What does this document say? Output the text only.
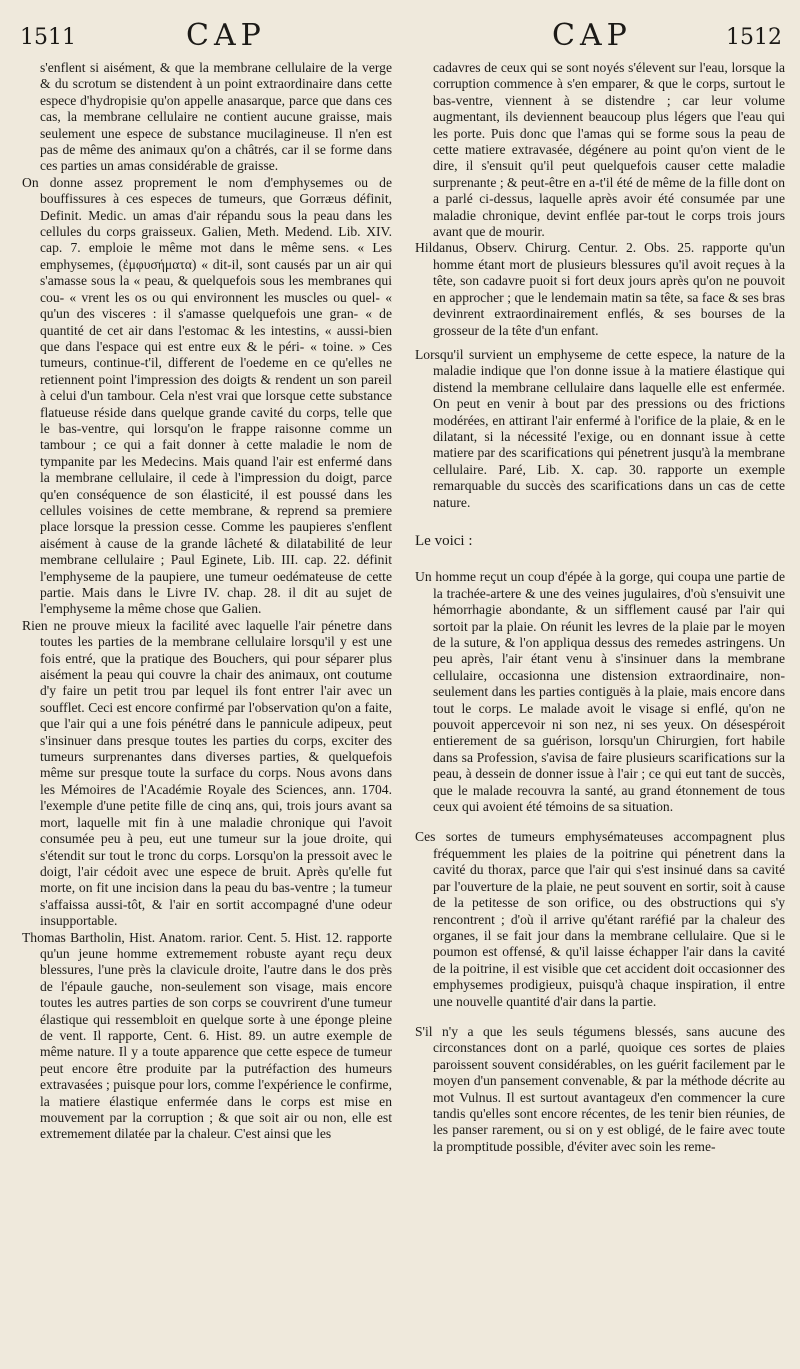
1511	CAP	CAP	1512

s'enflent si aisément, & que la membrane cellulaire de la verge & du scrotum se distendent à un point extraordinaire dans cette espece d'hydropisie qu'on appelle anasarque, parce que dans ces cas, la membrane cellulaire ne contient aucune graisse, mais seulement une espece de substance mucilagineuse. Il n'en est pas de même des animaux qu'on a châtrés, car il se forme dans ces parties un amas considérable de graisse.

On donne assez proprement le nom d'emphysemes ou de bouffissures à ces especes de tumeurs, que Gorræus définit, Definit. Medic. un amas d'air répandu sous la peau dans les cellules du corps graisseux. Galien, Meth. Medend. Lib. XIV. cap. 7. emploie le même mot dans le même sens. « Les emphysemes, (ἐμφυσήματα) « dit-il, sont causés par un air qui s'amasse sous la « peau, & quelquefois sous les membranes qui cou- « vrent les os ou qui environnent les muscles ou quel- « qu'un des visceres : il s'amasse quelquefois une gran- « de quantité de cet air dans l'estomac & les intestins, « aussi-bien que dans l'espace qui est entre eux & le péri- « toine. » Ces tumeurs, continue-t'il, different de l'oedeme en ce qu'elles ne retiennent point l'impression des doigts & rendent un son pareil à celui d'un tambour. Cela n'est vrai que lorsque cette substance flatueuse réside dans quelque grande cavité du corps, telle que le bas-ventre, qui lorsqu'on le frappe raisonne comme un tambour ; ce qui a fait donner à cette maladie le nom de tympanite par les Medecins. Mais quand l'air est enfermé dans la membrane cellulaire, il cede à l'impression du doigt, parce qu'en conséquence de son élasticité, il est poussé dans les cellules voisines de cette membrane, & reprend sa premiere place lorsque la pression cesse. Comme les paupieres s'enflent aisément à cause de la grande lâcheté & dilatabilité de leur membrane cellulaire ; Paul Eginete, Lib. III. cap. 22. définit l'emphyseme de la paupiere, une tumeur oedémateuse de cette partie. Mais dans le Livre IV. chap. 28. il dit au sujet de l'emphyseme la même chose que Galien.

Rien ne prouve mieux la facilité avec laquelle l'air pénetre dans toutes les parties de la membrane cellulaire lorsqu'il y est une fois entré, que la pratique des Bouchers, qui pour séparer plus aisément la peau qui couvre la chair des animaux, ont coutume d'y faire un petit trou par lequel ils font entrer l'air avec un soufflet. Ceci est encore confirmé par l'observation qu'on a faite, que l'air qui a une fois pénétré dans le pannicule adipeux, peut s'insinuer dans presque toutes les parties du corps, exciter des tumeurs surprenantes dans diverses parties, & quelquefois même sur presque toute la surface du corps. Nous avons dans les Mémoires de l'Académie Royale des Sciences, ann. 1704. l'exemple d'une petite fille de cinq ans, qui, trois jours avant sa mort, laquelle mit fin à une maladie chronique qui l'avoit consumée peu à peu, eut une tumeur sur la joue droite, qui s'étendit sur tout le tronc du corps. Lorsqu'on la pressoit avec le doigt, l'air cédoit avec une espece de bruit. Après qu'elle fut morte, on fit une incision dans la peau du bas-ventre ; la tumeur s'affaissa aussi-tôt, & l'air en sortit accompagné d'une odeur insupportable.

Thomas Bartholin, Hist. Anatom. rarior. Cent. 5. Hist. 12. rapporte qu'un jeune homme extremement robuste ayant reçu deux blessures, l'une près la clavicule droite, l'autre dans le dos près de l'épaule gauche, non-seulement son visage, mais encore toutes les autres parties de son corps se couvrirent d'une tumeur élastique qui ressembloit en quelque sorte à une éponge pleine de vent. Il rapporte, Cent. 6. Hist. 89. un autre exemple de même nature. Il y a toute apparence que cette espece de tumeur peut encore être produite par la putréfaction des humeurs extravasées ; puisque pour lors, comme l'expérience le confirme, la matiere élastique enfermée dans le corps est mise en mouvement par la corruption ; & que soit air ou non, elle est extremement dilatée par la chaleur. C'est ainsi que les

cadavres de ceux qui se sont noyés s'élevent sur l'eau, lorsque la corruption commence à s'en emparer, & que le corps, surtout le bas-ventre, viennent à se distendre ; car leur volume augmentant, ils deviennent beaucoup plus légers que l'eau qui les porte. Puis donc que l'amas qui se forme sous la peau de cette matiere extravasée, dégénere au point qu'on vient de le dire, il s'ensuit qu'il peut quelquefois causer cette maladie surprenante ; & peut-être en a-t'il été de même de la fille dont on a parlé ci-dessus, laquelle après avoir été consumée par une maladie chronique, devint enflée par-tout le corps trois jours avant que de mourir.

Hildanus, Observ. Chirurg. Centur. 2. Obs. 25. rapporte qu'un homme étant mort de plusieurs blessures qu'il avoit reçues à la tête, son cadavre puoit si fort deux jours après qu'on ne pouvoit en approcher ; que le lendemain matin sa tête, sa face & ses bras devinrent extraordinairement enflés, & ses bourses de la grosseur de la tête d'un enfant.

Lorsqu'il survient un emphyseme de cette espece, la nature de la maladie indique que l'on donne issue à la matiere élastique qui distend la membrane cellulaire dans laquelle elle est enfermée. On peut en venir à bout par des pressions ou des frictions modérées, en attirant l'air enfermé à l'orifice de la plaie, & en le dilatant, si la nécessité l'exige, ou en donnant issue à cette matiere par des scarifications qui pénetrent jusqu'à la membrane cellulaire. Paré, Lib. X. cap. 30. rapporte un exemple remarquable du succès des scarifications dans un cas de cette nature.

Le voici :

Un homme reçut un coup d'épée à la gorge, qui coupa une partie de la trachée-artere & une des veines jugulaires, d'où s'ensuivit une hémorrhagie abondante, & un sifflement causé par l'air qui sortoit par la plaie. On réunit les levres de la plaie par le moyen de la suture, & l'on appliqua dessus des remedes astringens. Un peu après, l'air étant venu à s'insinuer dans la membrane cellulaire, occasionna une distension extraordinaire, non-seulement dans les parties contiguës à la plaie, mais encore dans tout le corps. Le malade avoit le visage si enflé, qu'on ne pouvoit appercevoir ni son nez, ni ses yeux. On désespéroit entierement de sa guérison, lorsqu'un Chirurgien, fort habile dans sa Profession, s'avisa de faire plusieurs scarifications sur la peau, à dessein de donner issue à l'air ; ce qui eut tant de succès, que le malade recouvra la santé, au grand étonnement de tous ceux qui avoient été témoins de sa situation.

Ces sortes de tumeurs emphysémateuses accompagnent plus fréquemment les plaies de la poitrine qui pénetrent dans la cavité du thorax, parce que l'air qui s'est insinué dans sa cavité par l'ouverture de la plaie, ne peut souvent en sortir, soit à cause de la petitesse de son orifice, ou des obstructions qui s'y rencontrent ; d'où il arrive qu'étant raréfié par la chaleur des organes, il se fait jour dans la membrane cellulaire. Que si le poumon est offensé, & qu'il laisse échapper l'air dans la cavité de la poitrine, il est visible que cet accident doit occasionner des emphysemes prodigieux, puisqu'à chaque inspiration, il entre une nouvelle quantité d'air dans la partie.

S'il n'y a que les seuls tégumens blessés, sans aucune des circonstances dont on a parlé, quoique ces sortes de plaies paroissent souvent considérables, on les guérit facilement par le moyen d'un pansement convenable, & par la méthode décrite au mot Vulnus. Il est surtout avantageux d'en commencer la cure tandis qu'elles sont encore récentes, de les tenir bien réunies, de les panser rarement, ou si on y est obligé, de le faire avec toute la promptitude possible, d'éviter avec soin les reme-
